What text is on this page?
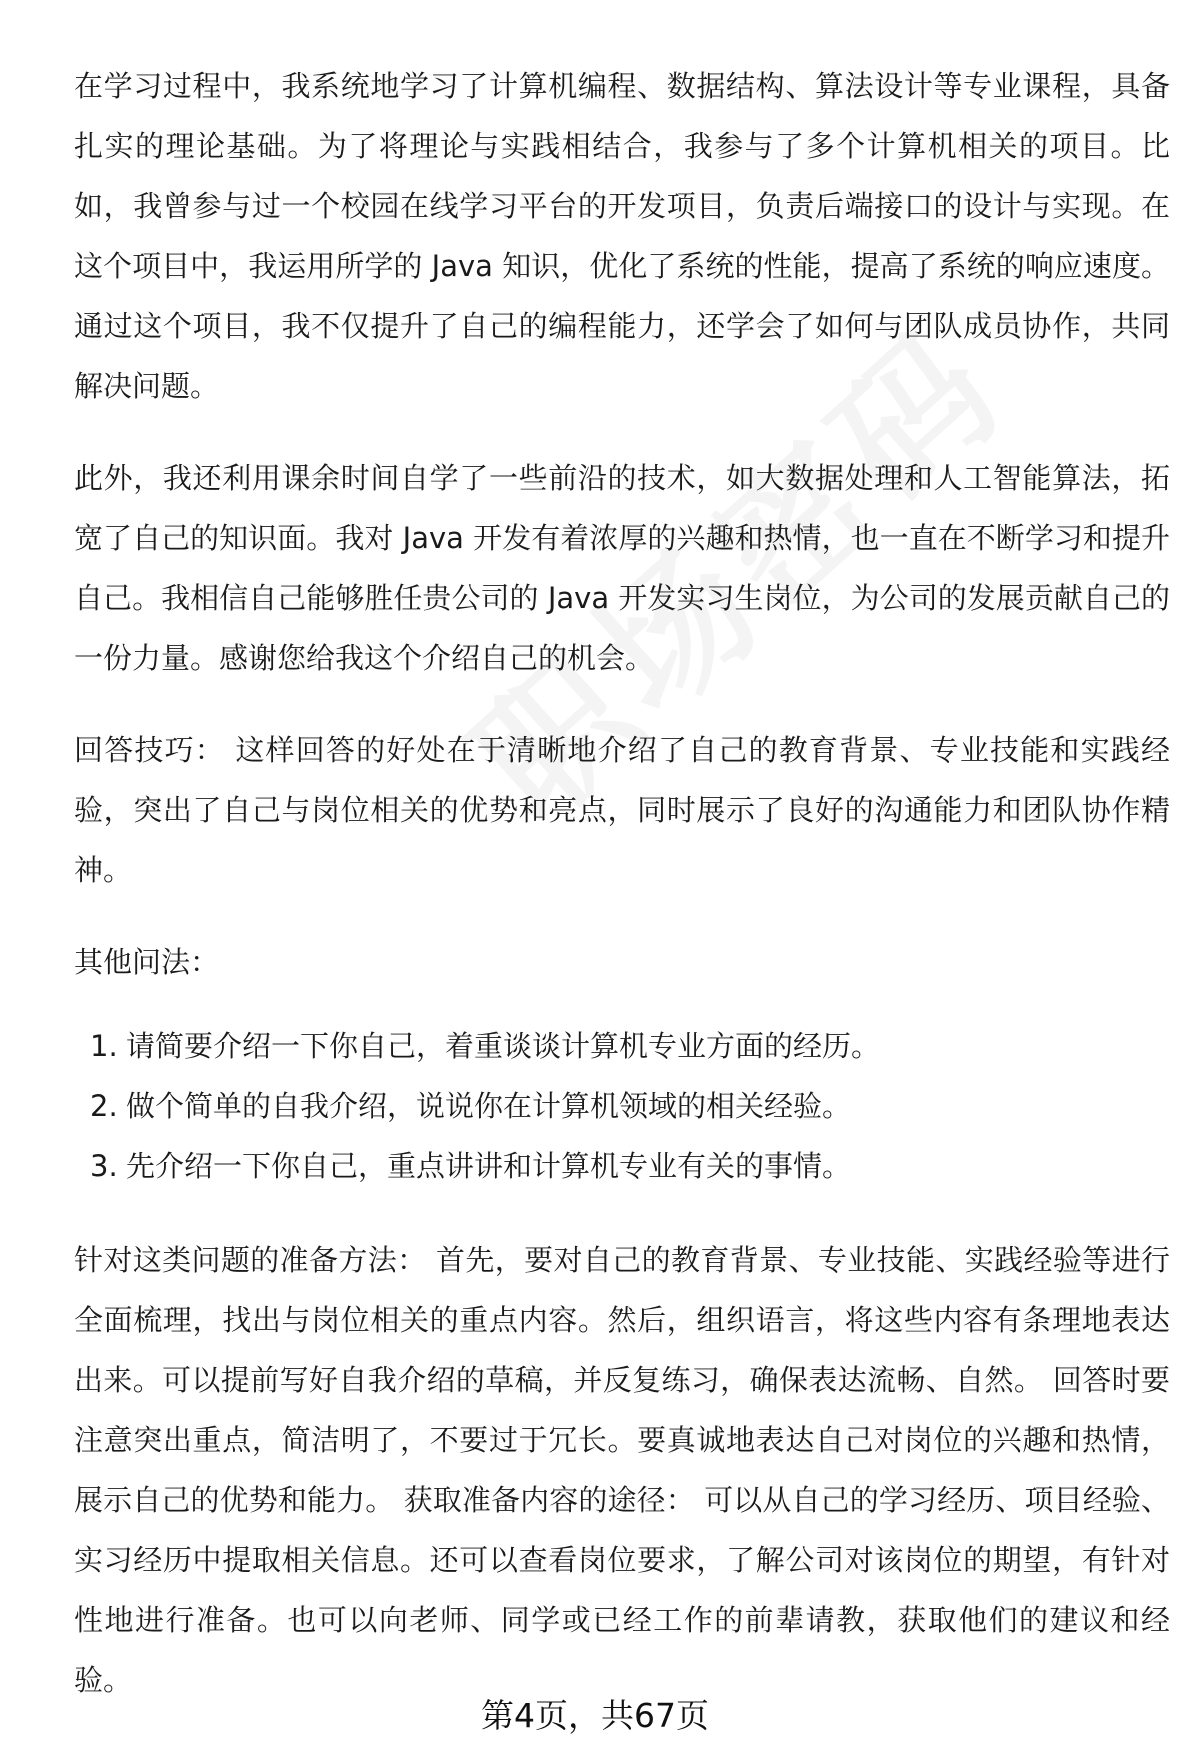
在学习过程中，我系统地学习了计算机编程、数据结构、算法设计等专业课程，具备扎实的理论基础。为了将理论与实践相结合，我参与了多个计算机相关的项目。比如，我曾参与过一个校园在线学习平台的开发项目，负责后端接口的设计与实现。在这个项目中，我运用所学的 Java 知识，优化了系统的性能，提高了系统的响应速度。通过这个项目，我不仅提升了自己的编程能力，还学会了如何与团队成员协作，共同解决问题。

此外，我还利用课余时间自学了一些前沿的技术，如大数据处理和人工智能算法，拓宽了自己的知识面。我对 Java 开发有着浓厚的兴趣和热情，也一直在不断学习和提升自己。我相信自己能够胜任贵公司的 Java 开发实习生岗位，为公司的发展贡献自己的一份力量。感谢您给我这个介绍自己的机会。

回答技巧： 这样回答的好处在于清晰地介绍了自己的教育背景、专业技能和实践经验，突出了自己与岗位相关的优势和亮点，同时展示了良好的沟通能力和团队协作精神。

其他问法：

1. 请简要介绍一下你自己，着重谈谈计算机专业方面的经历。
2. 做个简单的自我介绍，说说你在计算机领域的相关经验。
3. 先介绍一下你自己，重点讲讲和计算机专业有关的事情。

针对这类问题的准备方法： 首先，要对自己的教育背景、专业技能、实践经验等进行全面梳理，找出与岗位相关的重点内容。然后，组织语言，将这些内容有条理地表达出来。可以提前写好自我介绍的草稿，并反复练习，确保表达流畅、自然。 回答时要注意突出重点，简洁明了，不要过于冗长。要真诚地表达自己对岗位的兴趣和热情，展示自己的优势和能力。 获取准备内容的途径： 可以从自己的学习经历、项目经验、实习经历中提取相关信息。还可以查看岗位要求，了解公司对该岗位的期望，有针对性地进行准备。也可以向老师、同学或已经工作的前辈请教，获取他们的建议和经验。

第4页，共67页
